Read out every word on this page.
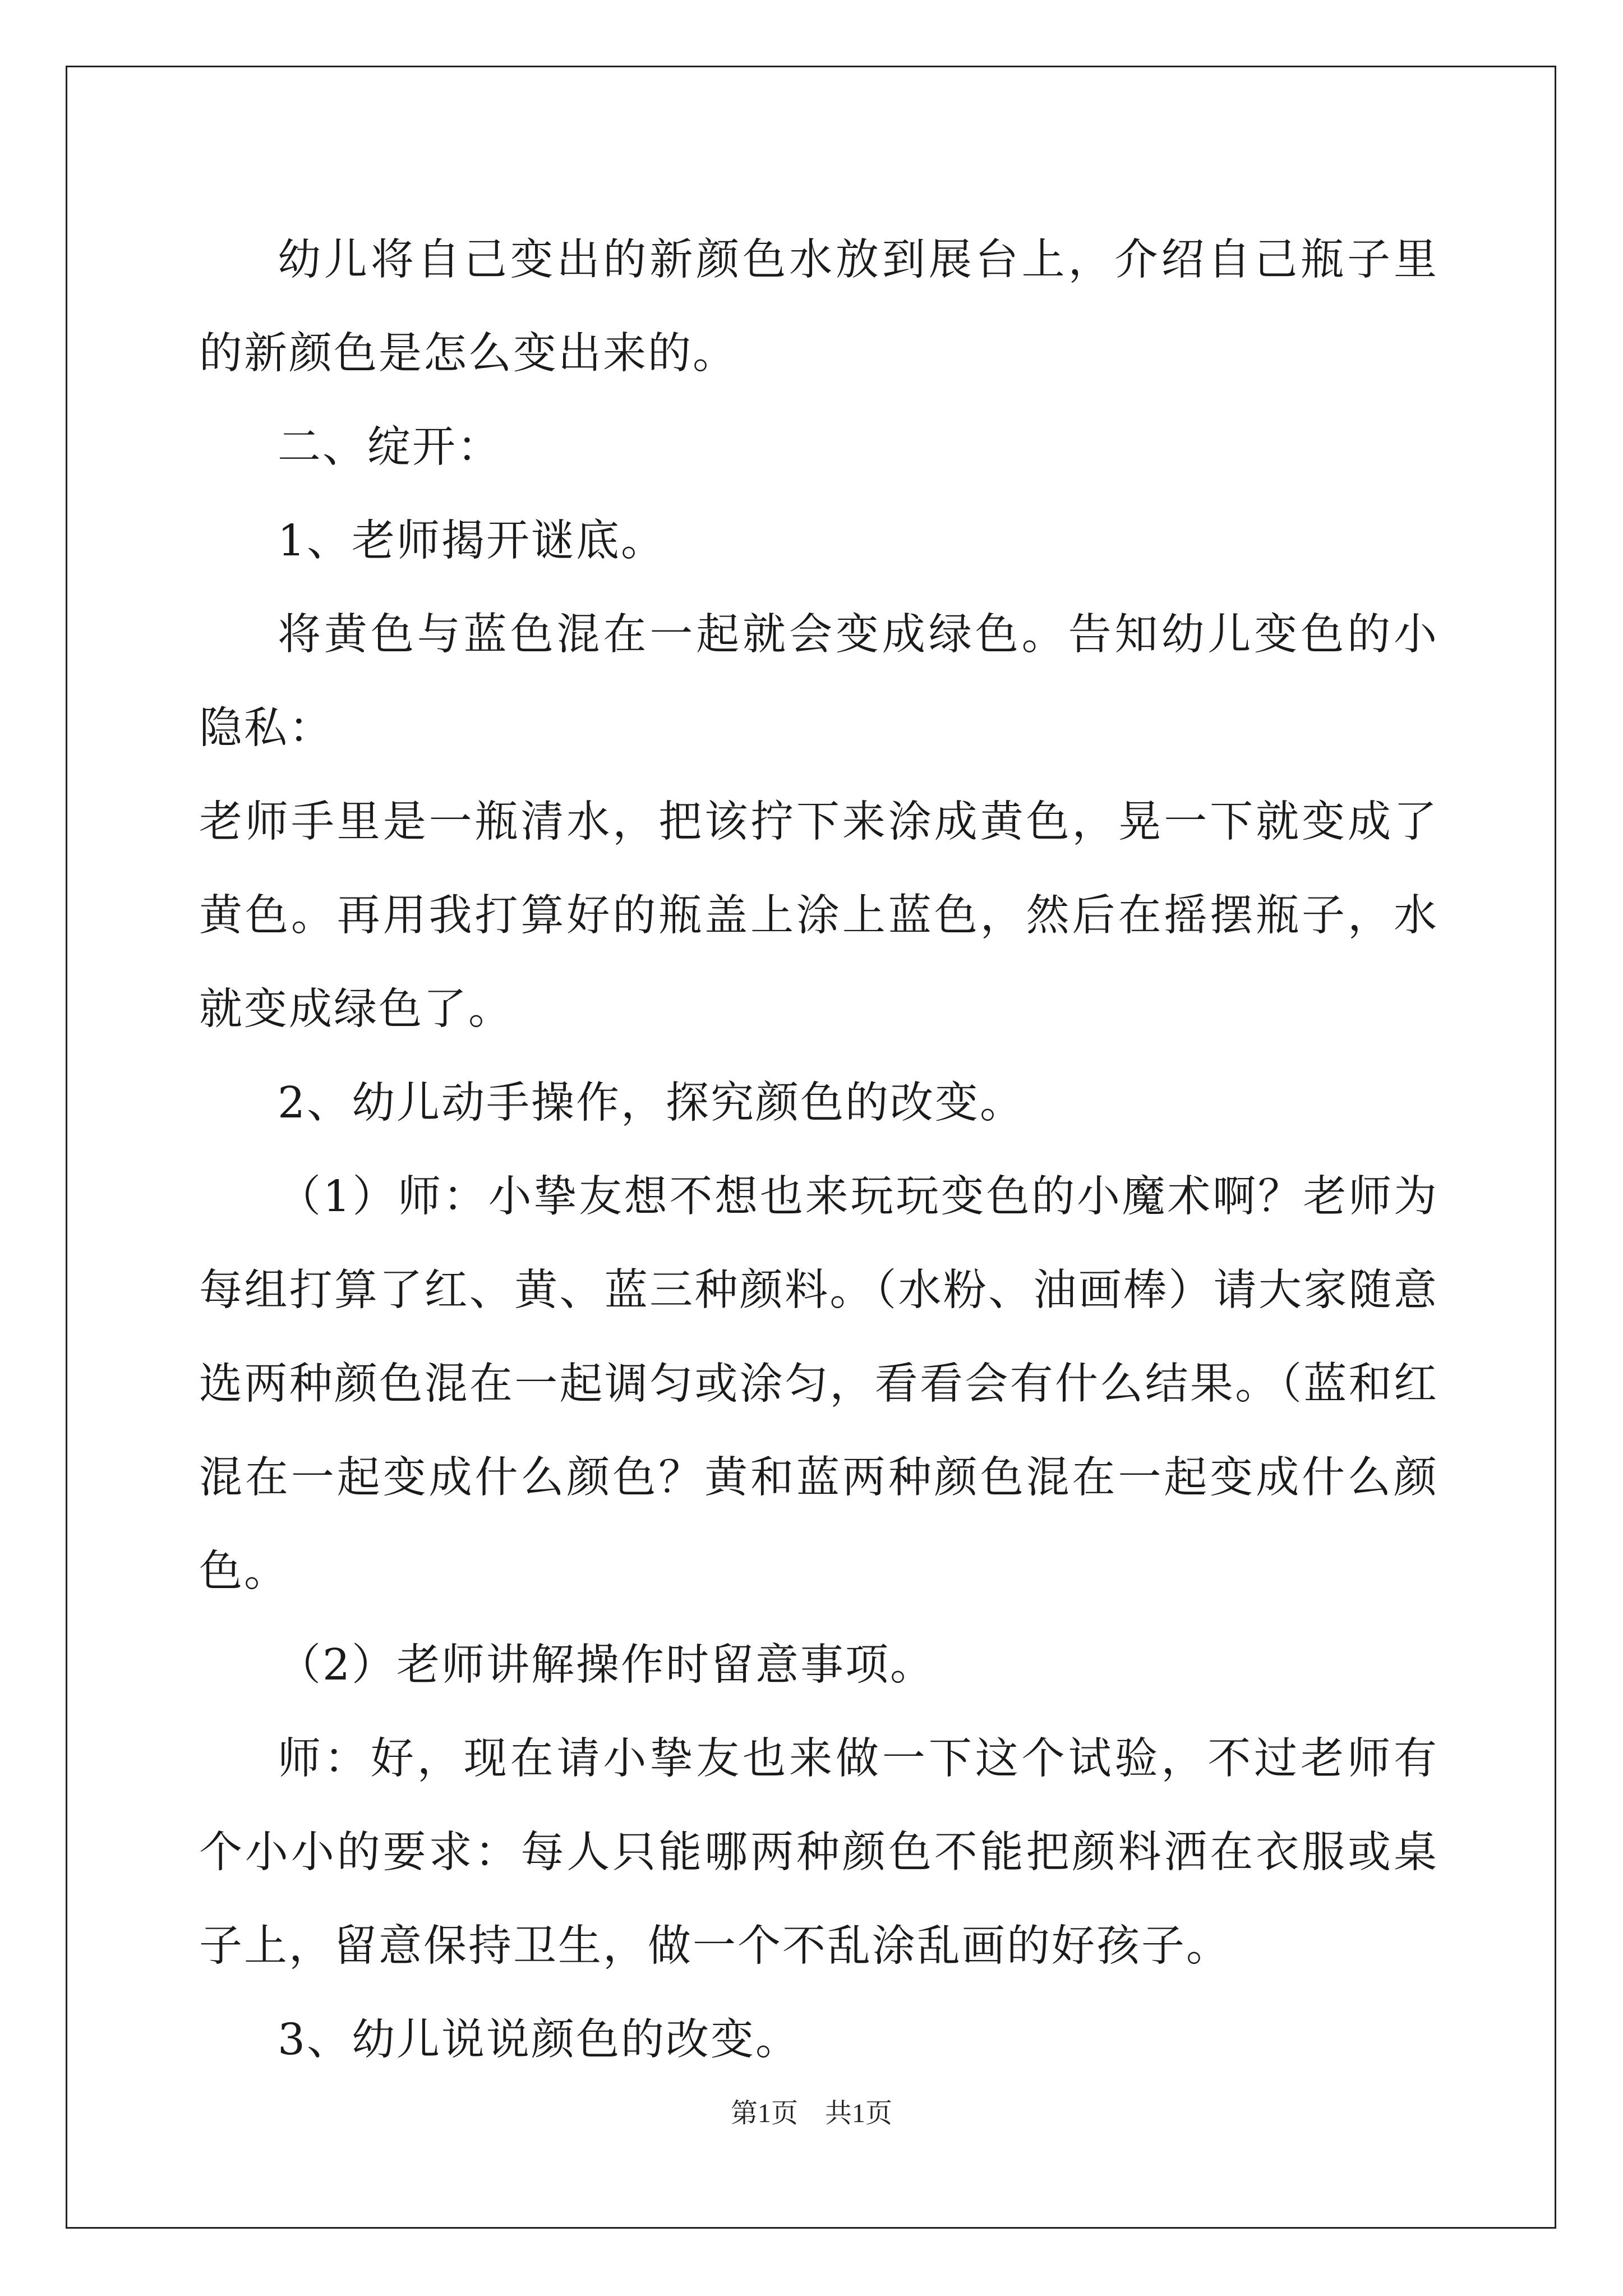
幼儿将自己变出的新颜色水放到展台上，介绍自己瓶子里的新颜色是怎么变出来的。

二、绽开：

1、老师揭开谜底。

将黄色与蓝色混在一起就会变成绿色。告知幼儿变色的小隐私：

老师手里是一瓶清水，把该拧下来涂成黄色，晃一下就变成了黄色。再用我打算好的瓶盖上涂上蓝色，然后在摇摆瓶子，水就变成绿色了。

2、幼儿动手操作，探究颜色的改变。

（1）师：小挚友想不想也来玩玩变色的小魔术啊？老师为每组打算了红、黄、蓝三种颜料。（水粉、油画棒）请大家随意选两种颜色混在一起调匀或涂匀，看看会有什么结果。（蓝和红混在一起变成什么颜色？黄和蓝两种颜色混在一起变成什么颜色。

（2）老师讲解操作时留意事项。

师：好，现在请小挚友也来做一下这个试验，不过老师有个小小的要求：每人只能哪两种颜色不能把颜料洒在衣服或桌子上，留意保持卫生，做一个不乱涂乱画的好孩子。

3、幼儿说说颜色的改变。

第1页　共1页
